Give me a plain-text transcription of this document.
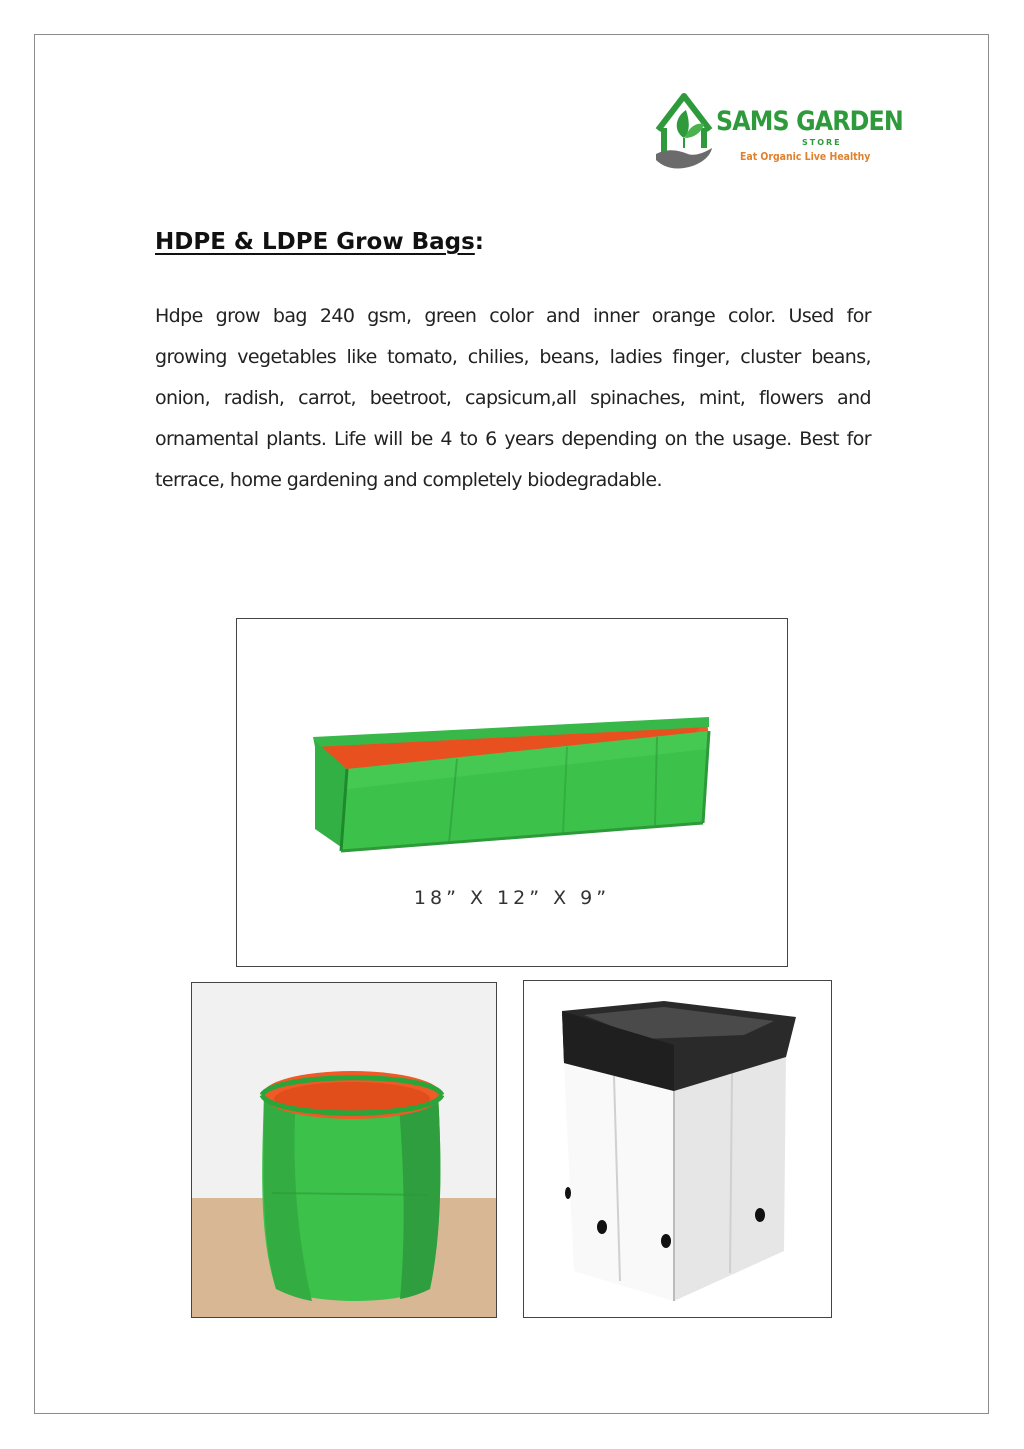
SAMS GARDEN
STORE
Eat Organic Live Healthy
HDPE & LDPE Grow Bags:
Hdpe grow bag 240 gsm, green color and inner orange color. Used for
growing vegetables like tomato, chilies, beans, ladies finger, cluster beans,
onion, radish, carrot, beetroot, capsicum,all spinaches, mint, flowers and
ornamental plants. Life will be 4 to 6 years depending on the usage. Best for
terrace, home gardening and completely biodegradable.
18” X 12” X 9”
